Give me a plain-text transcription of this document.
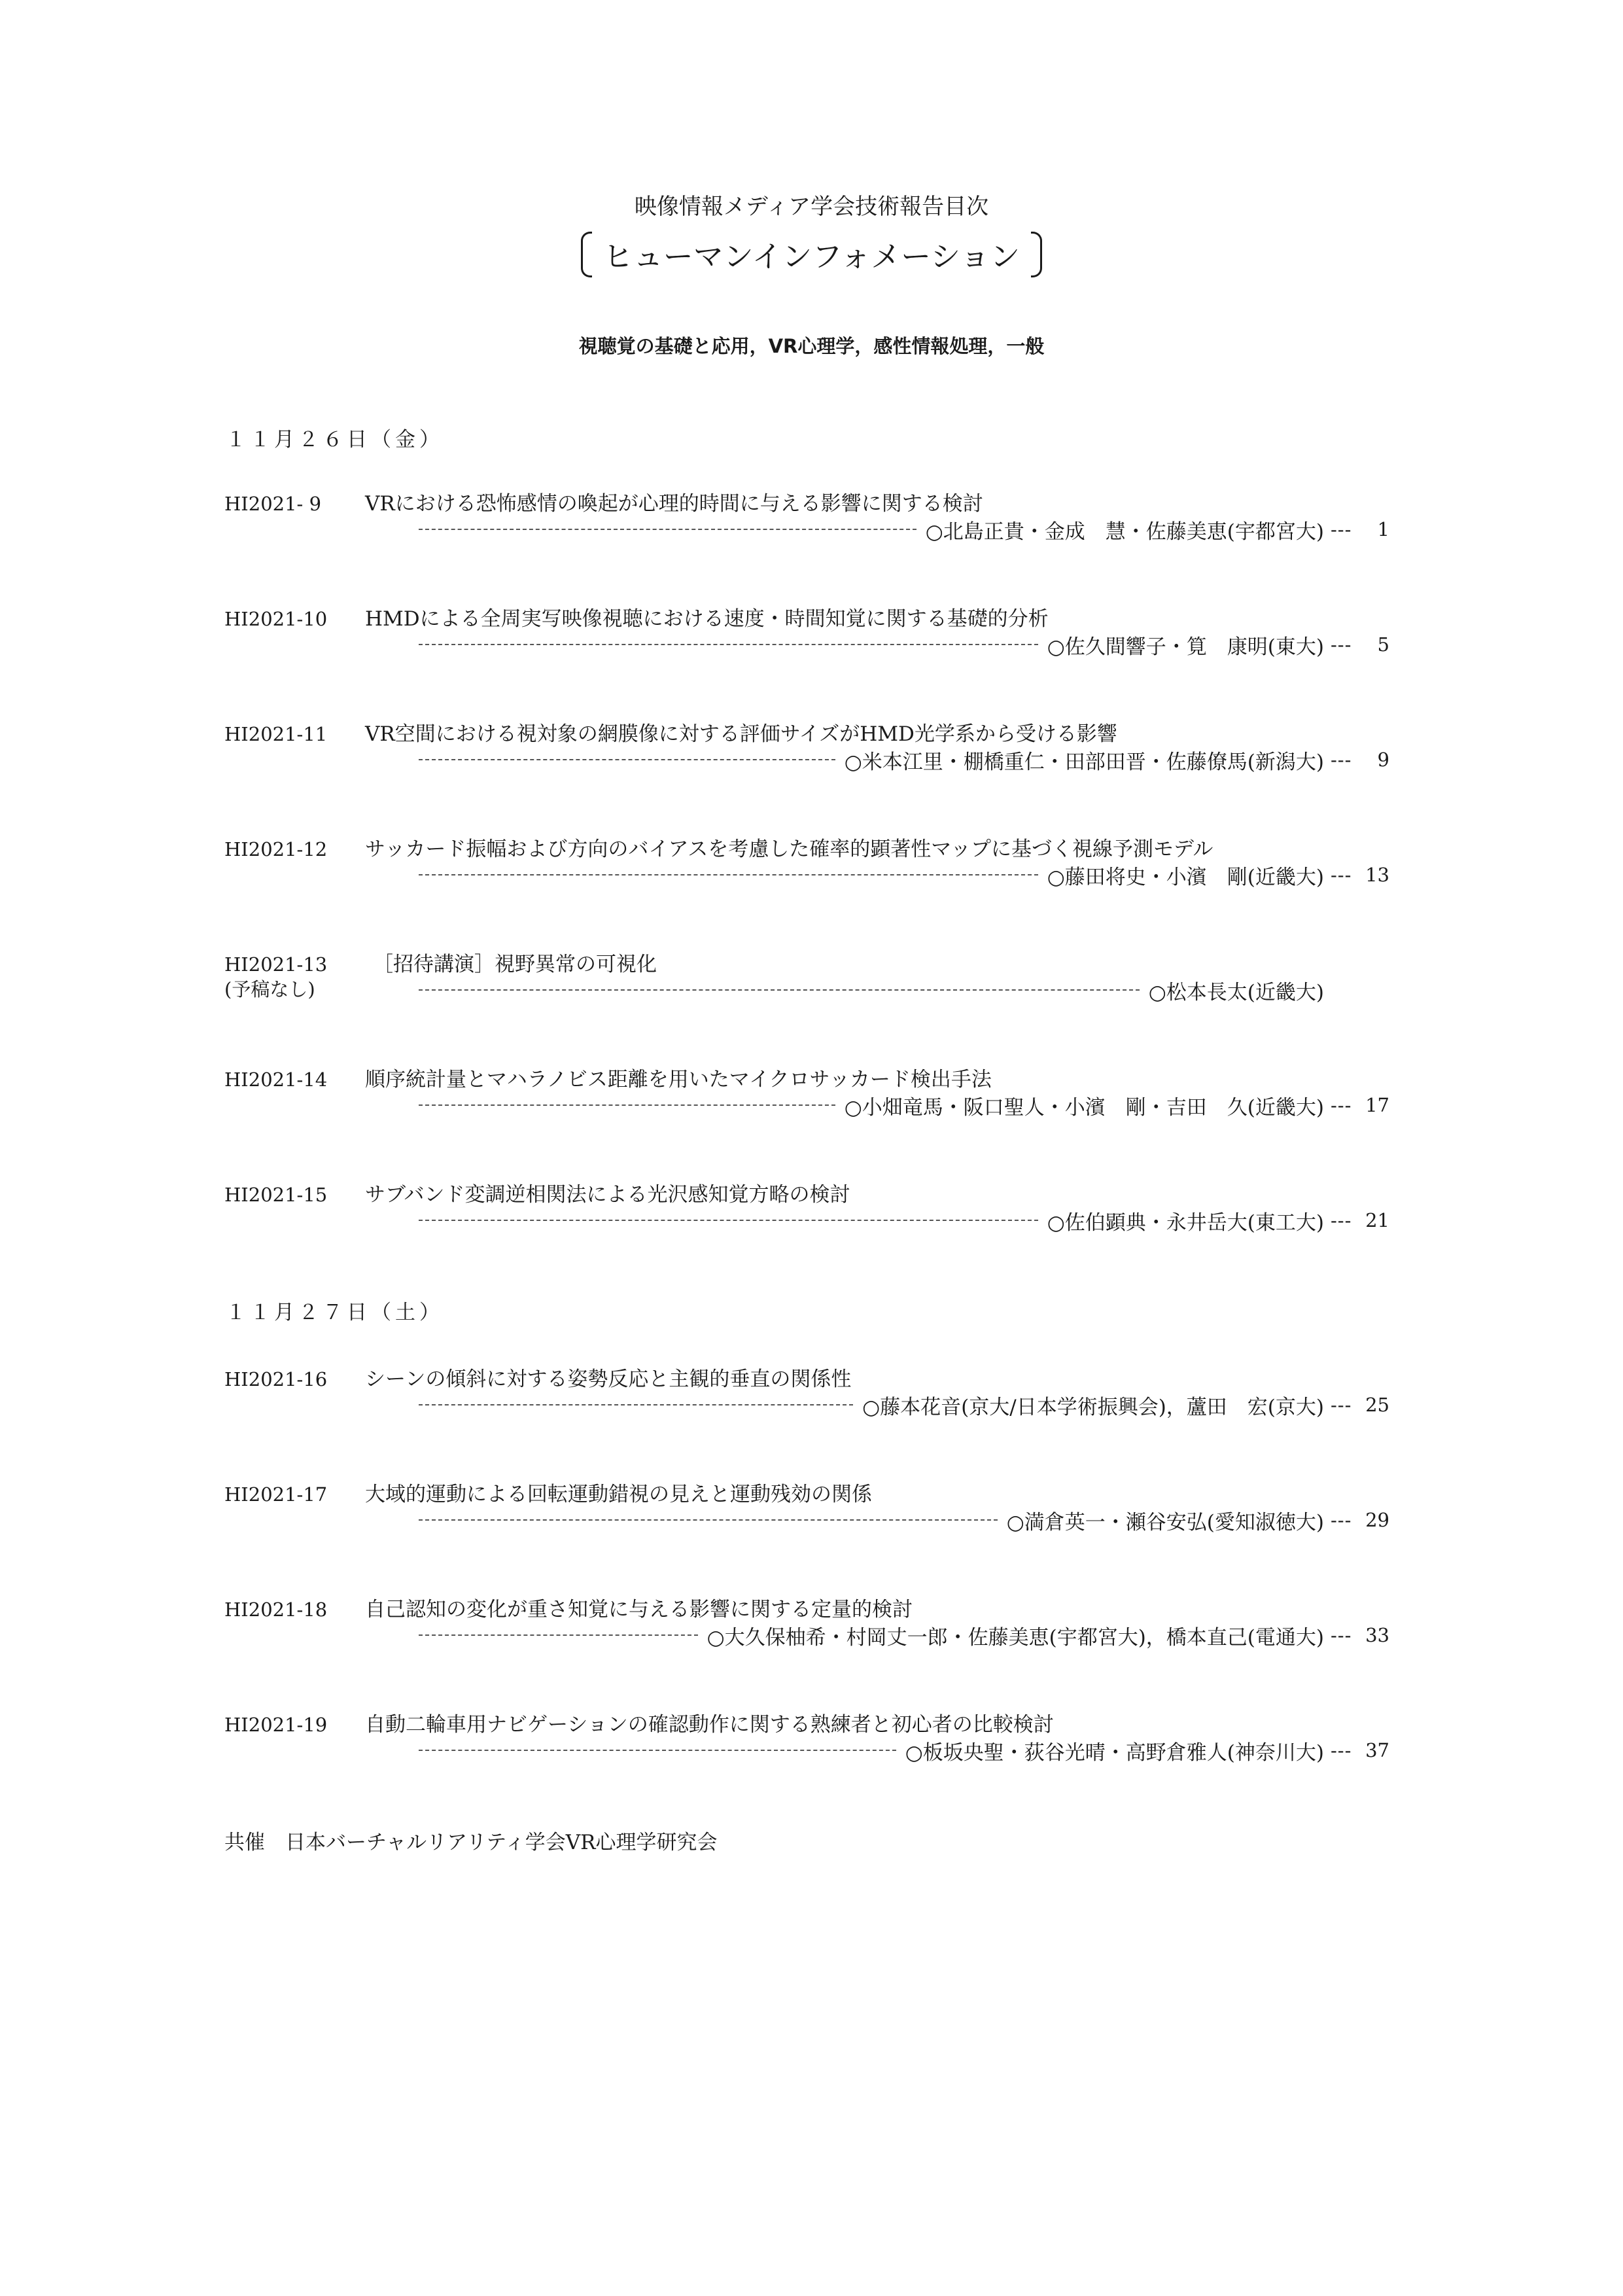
映像情報メディア学会技術報告目次
ヒューマンインフォメーション
視聴覚の基礎と応用，VR心理学，感性情報処理，一般
１１月２６日（金）
HI2021- 9 VRにおける恐怖感情の喚起が心理的時間に与える影響に関する検討
○北島正貴・金成　慧・佐藤美恵(宇都宮大) --- 1
HI2021-10 HMDによる全周実写映像視聴における速度・時間知覚に関する基礎的分析
○佐久間響子・筧　康明(東大) --- 5
HI2021-11 VR空間における視対象の網膜像に対する評価サイズがHMD光学系から受ける影響
○米本江里・棚橋重仁・田部田晋・佐藤僚馬(新潟大) --- 9
HI2021-12 サッカード振幅および方向のバイアスを考慮した確率的顕著性マップに基づく視線予測モデル
○藤田将史・小濱　剛(近畿大) --- 13
HI2021-13
(予稿なし)
［招待講演］視野異常の可視化
○松本長太(近畿大)
HI2021-14 順序統計量とマハラノビス距離を用いたマイクロサッカード検出手法
○小畑竜馬・阪口聖人・小濱　剛・吉田　久(近畿大) --- 17
HI2021-15 サブバンド変調逆相関法による光沢感知覚方略の検討
○佐伯顕典・永井岳大(東工大) --- 21
１１月２７日（土）
HI2021-16 シーンの傾斜に対する姿勢反応と主観的垂直の関係性
○藤本花音(京大/日本学術振興会)，蘆田　宏(京大) --- 25
HI2021-17 大域的運動による回転運動錯視の見えと運動残効の関係
○満倉英一・瀬谷安弘(愛知淑徳大) --- 29
HI2021-18 自己認知の変化が重さ知覚に与える影響に関する定量的検討
○大久保柚希・村岡丈一郎・佐藤美恵(宇都宮大)，橋本直己(電通大) --- 33
HI2021-19 自動二輪車用ナビゲーションの確認動作に関する熟練者と初心者の比較検討
○板坂央聖・荻谷光晴・高野倉雅人(神奈川大) --- 37
共催　 日本バーチャルリアリティ学会VR心理学研究会
